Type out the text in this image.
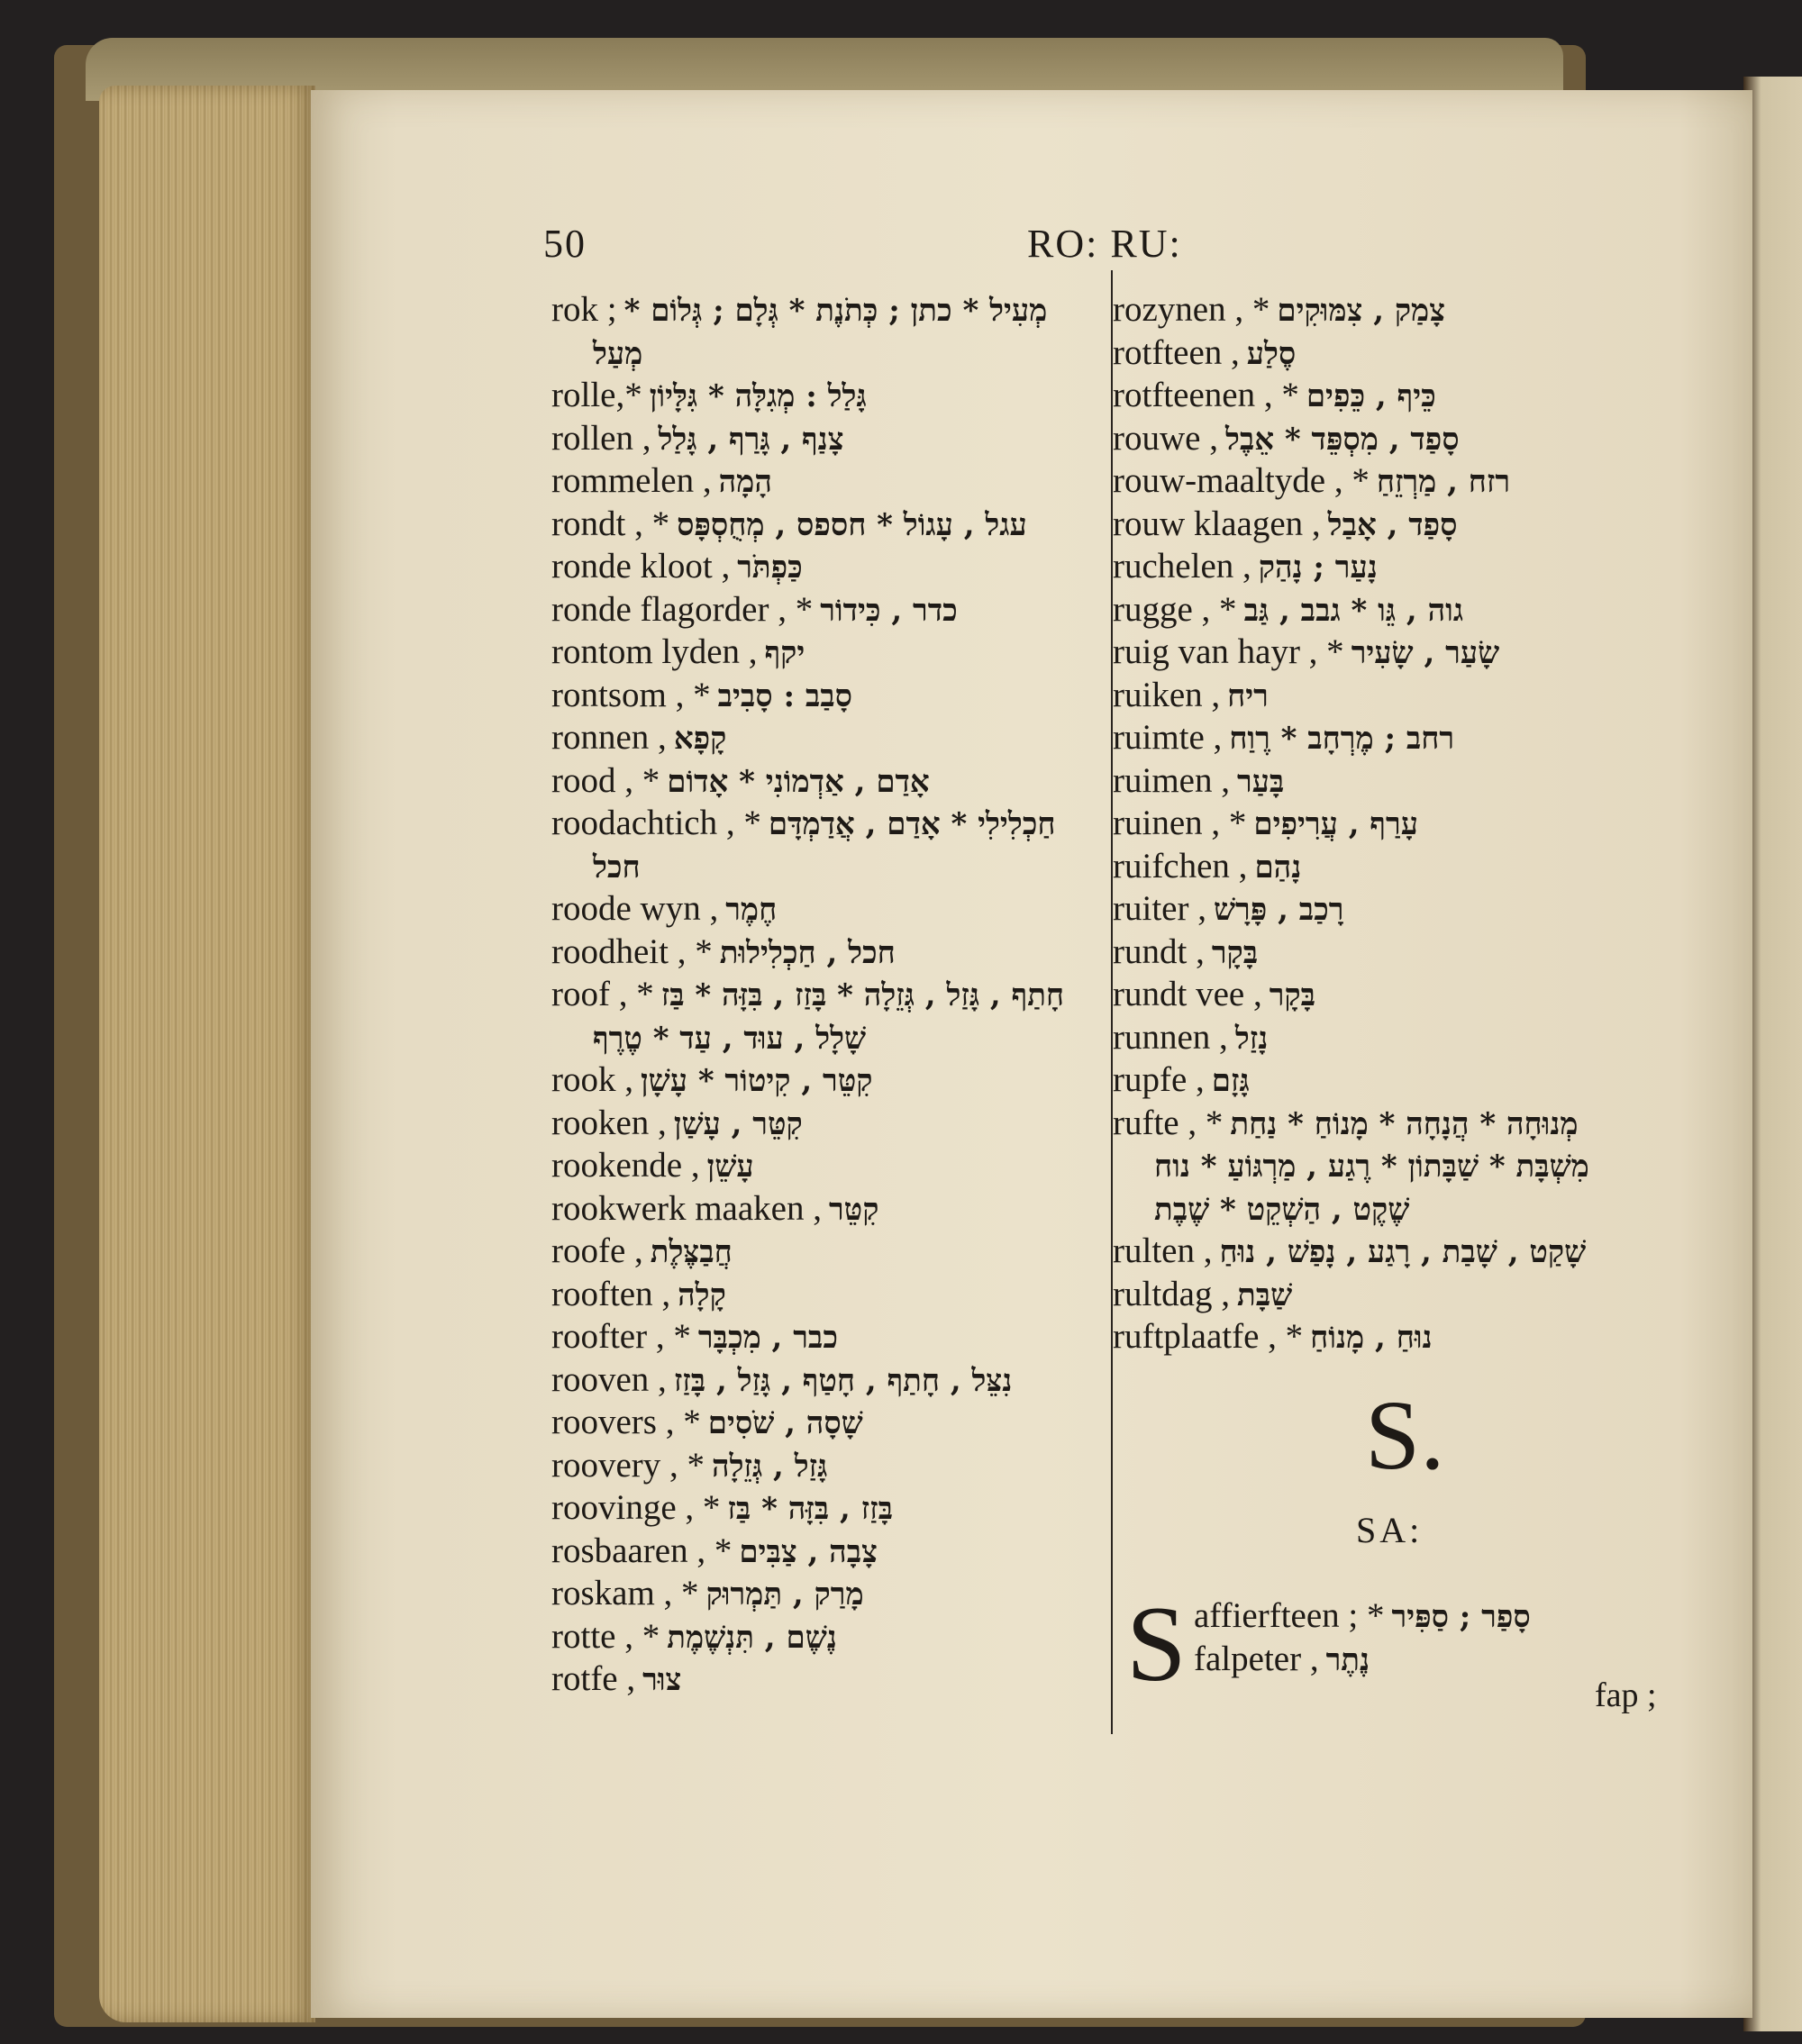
50	RO: RU:
rok ; מְעִיל * כתן ; כְּתֹנֶת * גְּלָם ; גְּלוֹם *
מְעַל
rolle,* גָּלַל : מְגִלָּה * גִּלָּיוֹן
rollen , צָנַף , גָּרַף , גָּלַל
rommelen , הָמָה
rondt , * עגל , עָגוֹל * חספס , מְחֻסְפָּס
ronde kloot , כַּפְתֹּר
ronde flagorder , * כדר , כִּידוֹר
rontom lyden , יקף
rontsom , * סָבַב : סָבִיב
ronnen , קָפָא
rood , * אָדַם , אַדְמוֹנִי * אָדוֹם
roodachtich , * חַכְלִילִי * אָדַם , אֲדַמְדָּם
חכל
roode wyn , חֶמֶר
roodheit , * חכל , חַכְלִילוּת
roof , * חָתַף , גָּזַל , גְּזֵלָה * בָּזַז , בִּזָּה * בַּז
שָׁלָל , עוּד , עַד * טֶרֶף
rook , קִטֵּר , קִיטוֹר * עָשָׁן
rooken , קִטֵּר , עָשַׁן
rookende , עָשֵׁן
rookwerk maaken , קִטֵּר
roofe , חֲבַצֶּלֶת
rooften , קָלָה
roofter , * כבר , מִכְבָּר
rooven , נִצֵּל , חָתַף , חָטַף , גָּזַל , בָּזַז
roovers , * שָׁסָה , שֹׁסִים
roovery , * גָּזַל , גְּזֵלָה
roovinge , * בָּזַז , בִּזָּה * בַּז
rosbaaren , * צָבָה , צַבִּים
roskam , * מָרַק , תַּמְרוּק
rotte , * נֶשֶׁם , תִּנְשֶׁמֶת
rotfe , צוּר
rozynen , * צָמַק , צִמּוּקִים
rotfteen , סֶלַע
rotfteenen , * כֵּיף , כֵּפִים
rouwe , סָפַד , מִסְפֵּד * אֵבֶל
rouw-maaltyde , * רזח , מַרְזֵחַ
rouw klaagen , סָפַד , אָבַל
ruchelen , נָעַר ; נָהַק
rugge , * גוה , גֵּו * גבב , גַּב
ruig van hayr , * שָׂעַר , שָׂעִיר
ruiken , ריח
ruimte , רחב ; מֶרְחָב * רֶוַח
ruimen , בָּעַר
ruinen , * עָרַף , עֲרִיפִים
ruifchen , נָהַם
ruiter , רָכַב , פָּרָשׁ
rundt , בָּקָר
rundt vee , בָּקָר
runnen , נָזַל
rupfe , גָּזָם
rufte , * מְנוּחָה * הֲנָחָה * מָנוֹחַ * נַחַת
מִשְׁבָּת * שַׁבָּתוֹן * רֶגַע , מַרְגּוֹעַ * נוח
שֶׁקֶט , הַשְׁקֵט * שֶׁבֶת
rulten , שָׁקַט , שָׁבַת , רָגַע , נָפַשׁ , נוּחַ
rultdag , שַׁבָּת
ruftplaatfe , * נוּחַ , מָנוֹחַ
S.
SA:
S affierfteen ; * סָפַר ; סַפִּיר
falpeter , נֶתֶר
fap ;
